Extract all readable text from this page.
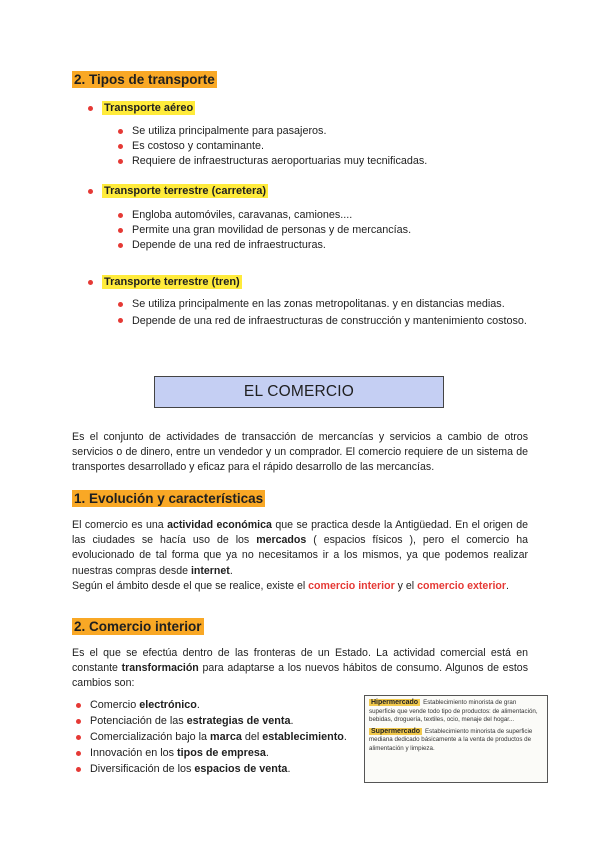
2. Tipos de transporte
Transporte aéreo
Se utiliza principalmente para pasajeros.
Es costoso y contaminante.
Requiere de infraestructuras aeroportuarias muy tecnificadas.
Transporte terrestre (carretera)
Engloba automóviles, caravanas, camiones....
Permite una gran movilidad de personas y de mercancías.
Depende de una red de infraestructuras.
Transporte terrestre (tren)
Se utiliza principalmente en las zonas metropolitanas. y en distancias medias.
Depende de una red de infraestructuras de construcción y mantenimiento costoso.
EL COMERCIO
Es el conjunto de actividades de transacción de mercancías y servicios a cambio de otros servicios o de dinero, entre un vendedor y un comprador. El comercio requiere de un sistema de transportes desarrollado y eficaz para el rápido desarrollo de las mercancías.
1. Evolución y características
El comercio es una actividad económica que se practica desde la Antigüedad. En el origen de las ciudades se hacía uso de los mercados ( espacios físicos ), pero el comercio ha evolucionado de tal forma que ya no necesitamos ir a los mismos, ya que podemos realizar nuestras compras desde internet.
Según el ámbito desde el que se realice, existe el comercio interior y el comercio exterior.
2. Comercio interior
Es el que se efectúa dentro de las fronteras de un Estado. La actividad comercial está en constante transformación para adaptarse a los nuevos hábitos de consumo. Algunos de estos cambios son:
Comercio electrónico.
Potenciación de las estrategias de venta.
Comercialización bajo la marca del establecimiento.
Innovación en los tipos de empresa.
Diversificación de los espacios de venta.

Hipermercado Establecimiento minorista de gran superficie que vende todo tipo de productos: de alimentación, bebidas, droguería, textiles, ocio, menaje del hogar...

Supermercado Establecimiento minorista de superficie mediana dedicado básicamente a la venta de productos de alimentación y limpieza.
